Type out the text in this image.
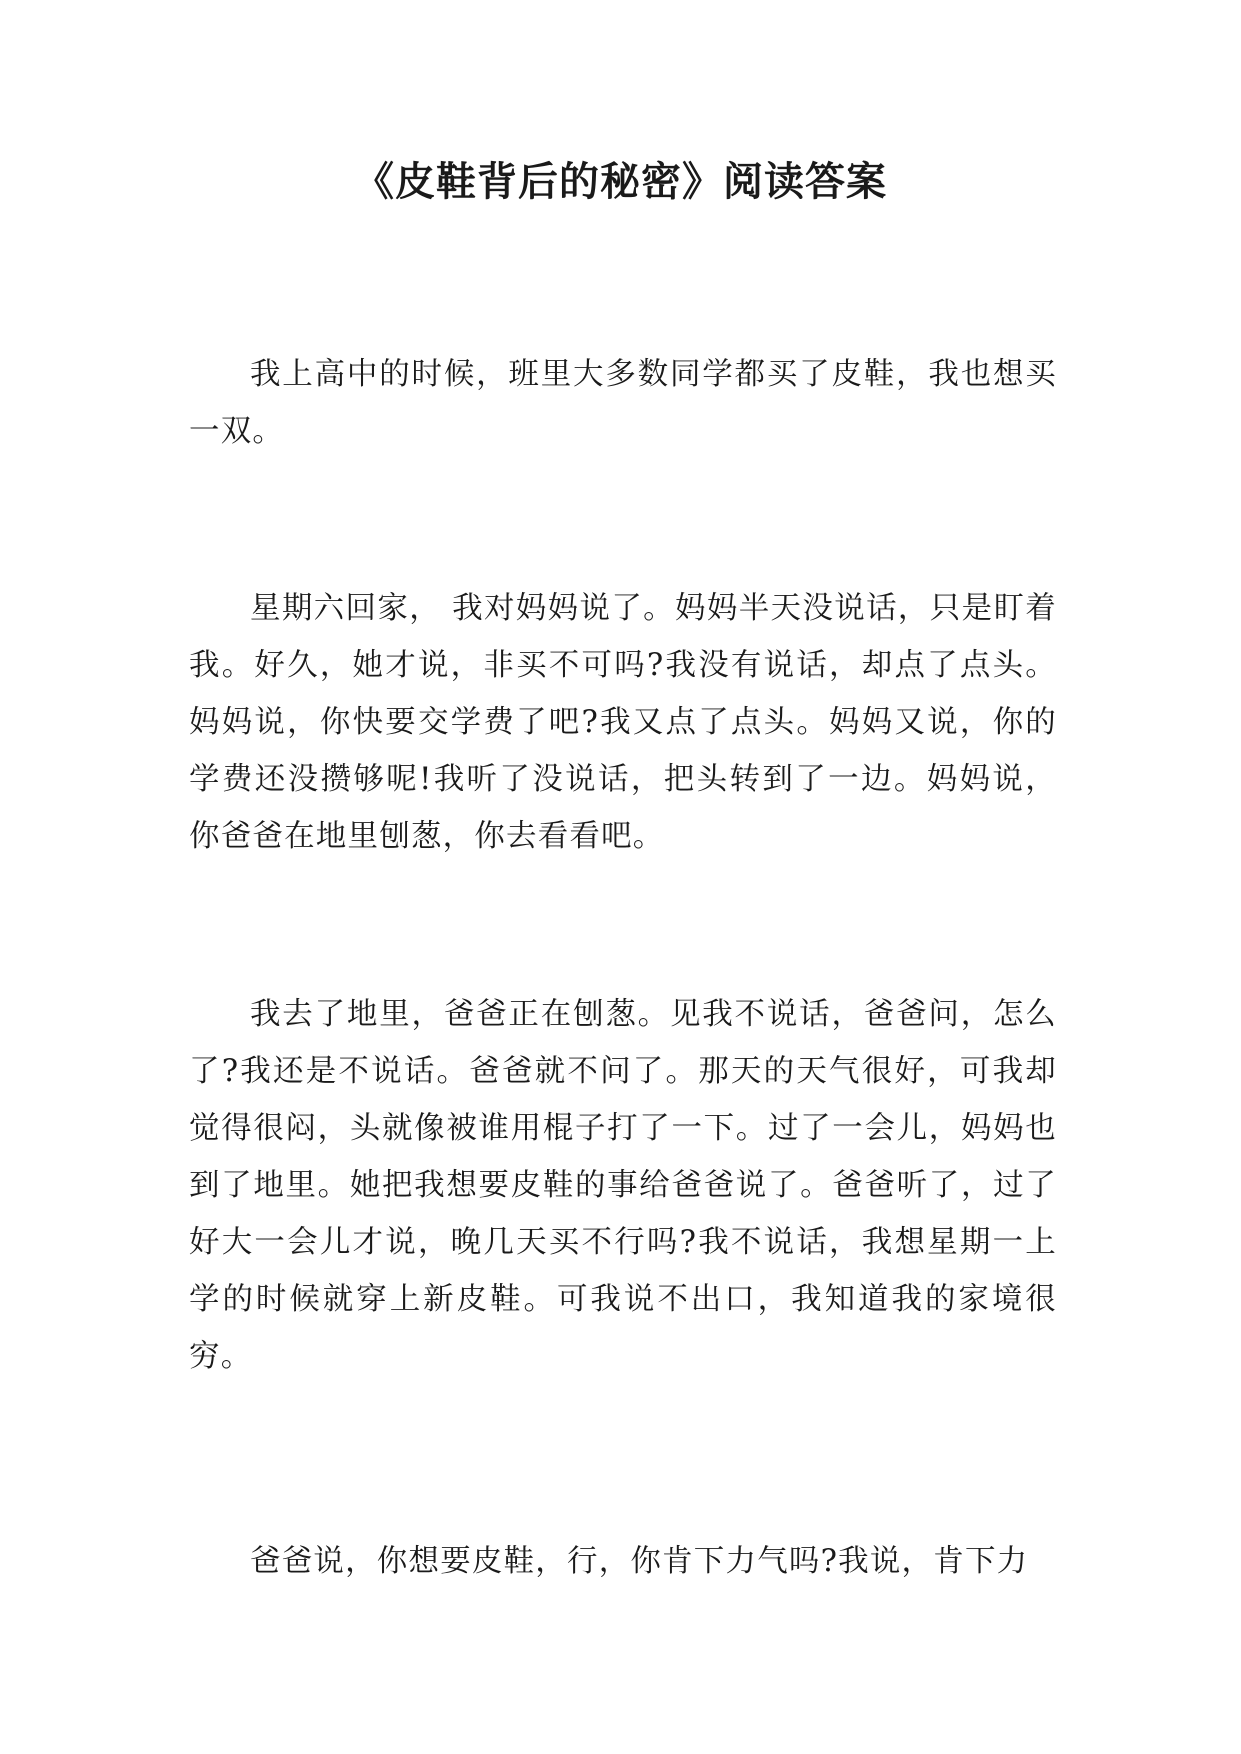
《皮鞋背后的秘密》阅读答案

我上高中的时候，班里大多数同学都买了皮鞋，我也想买一双。

星期六回家， 我对妈妈说了。妈妈半天没说话，只是盯着我。好久，她才说，非买不可吗?我没有说话，却点了点头。妈妈说，你快要交学费了吧?我又点了点头。妈妈又说，你的学费还没攒够呢!我听了没说话，把头转到了一边。妈妈说，你爸爸在地里刨葱，你去看看吧。

我去了地里，爸爸正在刨葱。见我不说话，爸爸问，怎么了?我还是不说话。爸爸就不问了。那天的天气很好，可我却觉得很闷，头就像被谁用棍子打了一下。过了一会儿，妈妈也到了地里。她把我想要皮鞋的事给爸爸说了。爸爸听了，过了好大一会儿才说，晚几天买不行吗?我不说话，我想星期一上学的时候就穿上新皮鞋。可我说不出口，我知道我的家境很穷。

爸爸说，你想要皮鞋，行，你肯下力气吗?我说，肯下力
